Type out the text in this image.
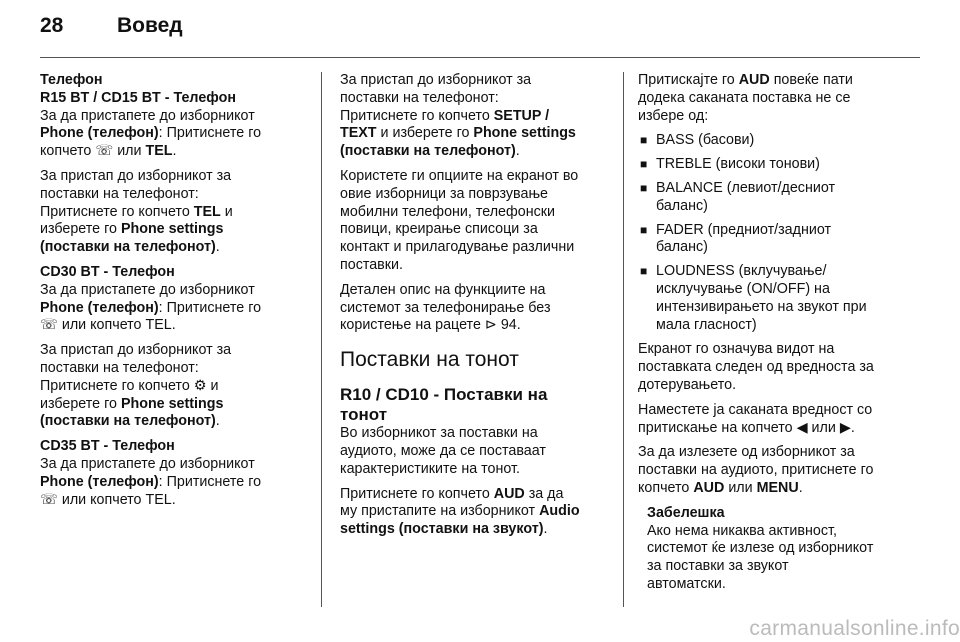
28	Вовед

Телефон
R15 BT / CD15 BT - Телефон
За да пристапете до изборникот
Phone (телефон): Притиснете го
копчето ☏ или TEL.

За пристап до изборникот за
поставки на телефонот:
Притиснете го копчето TEL и
изберете го Phone settings
(поставки на телефонот).

CD30 BT - Телефон
За да пристапете до изборникот
Phone (телефон): Притиснете го
☏ или копчето TEL.

За пристап до изборникот за
поставки на телефонот:
Притиснете го копчето ⚙ и
изберете го Phone settings
(поставки на телефонот).

CD35 BT - Телефон
За да пристапете до изборникот
Phone (телефон): Притиснете го
☏ или копчето TEL.

За пристап до изборникот за
поставки на телефонот:
Притиснете го копчето SETUP /
TEXT и изберете го Phone settings
(поставки на телефонот).

Користете ги опциите на екранот во
овие изборници за поврзување
мобилни телефони, телефонски
повици, креирање списоци за
контакт и прилагодување различни
поставки.

Детален опис на функциите на
системот за телефонирање без
користење на рацете ⊳ 94.

Поставки на тонот
R10 / CD10 - Поставки на
тонот

Во изборникот за поставки на
аудиото, може да се поставаат
карактеристиките на тонот.

Притиснете го копчето AUD за да
му пристапите на изборникот Audio
settings (поставки на звукот).

Притискајте го AUD повеќе пати
додека саканата поставка не се
избере од:

■ BASS (басови)
■ TREBLE (високи тонови)
■ BALANCE (левиот/десниот
баланс)
■ FADER (предниот/задниот
баланс)
■ LOUDNESS (вклучување/
исклучување (ON/OFF) на
интензивирањето на звукот при
мала гласност)

Екранот го означува видот на
поставката следен од вредноста за
дотерувањето.

Наместете ја саканата вредност со
притискање на копчето ◀ или ▶.

За да излезете од изборникот за
поставки на аудиото, притиснете го
копчето AUD или MENU.

Забелешка
Ако нема никаква активност,
системот ќе излезе од изборникот
за поставки за звукот
автоматски.
carmanualsonline.info
